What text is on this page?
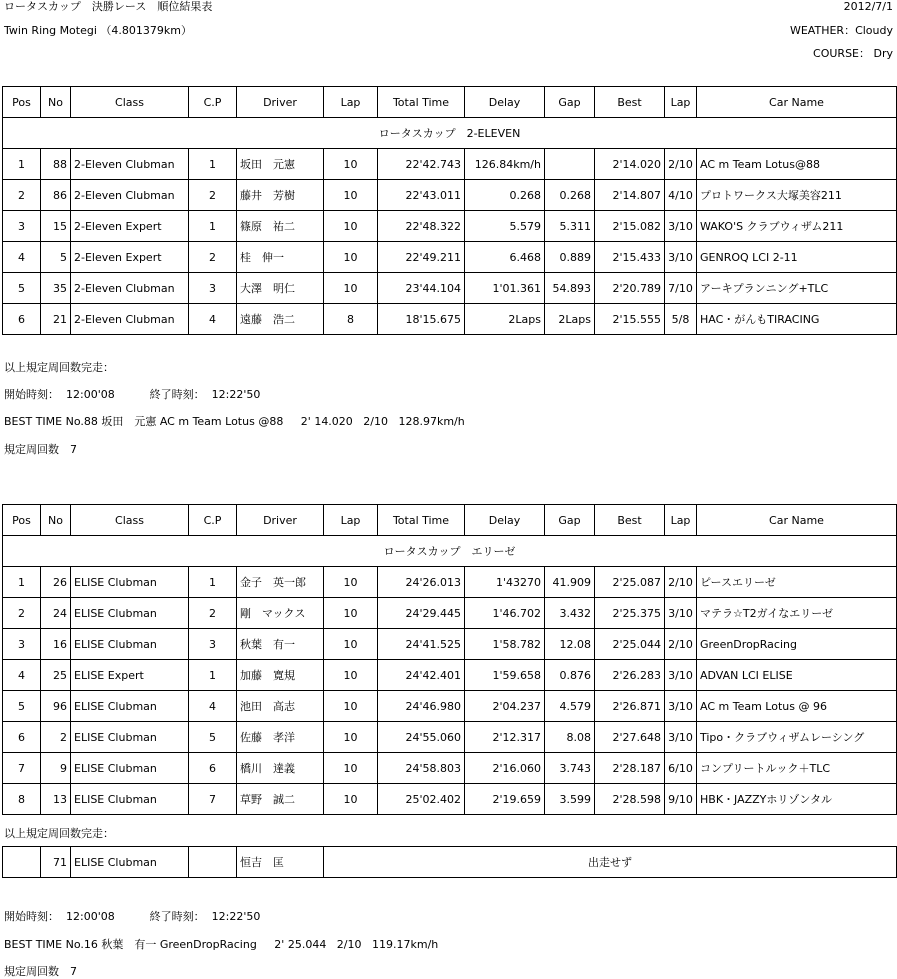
ロータスカップ　決勝レース　順位結果表	2012/7/1
Twin Ring Motegi （4.801379km）	WEATHER：Cloudy
COURSE： Dry
Pos	No	Class	C.P	Driver	Lap	Total Time	Delay	Gap	Best	Lap	Car Name
ロータスカップ　2-ELEVEN											
1	88	2-Eleven Clubman	1	坂田　元憲	10	22'42.743	126.84km/h		2'14.020	2/10	AC m Team Lotus@88
2	86	2-Eleven Clubman	2	藤井　芳樹	10	22'43.011	0.268	0.268	2'14.807	4/10	プロトワークス大塚美容211
3	15	2-Eleven Expert	1	篠原　祐二	10	22'48.322	5.579	5.311	2'15.082	3/10	WAKO'S クラブウィザム211
4	5	2-Eleven Expert	2	桂　伸一	10	22'49.211	6.468	0.889	2'15.433	3/10	GENROQ LCI 2-11
5	35	2-Eleven Clubman	3	大澤　明仁	10	23'44.104	1'01.361	54.893	2'20.789	7/10	アーキプランニング+TLC
6	21	2-Eleven Clubman	4	遠藤　浩二	8	18'15.675	2Laps	2Laps	2'15.555	5/8	HAC・がんもTIRACING
以上規定周回数完走：
開始時刻：  12:00'08          終了時刻：  12:22'50
BEST TIME No.88 坂田　元憲 AC m Team Lotus @88     2' 14.020   2/10   128.97km/h
規定周回数　7
Pos	No	Class	C.P	Driver	Lap	Total Time	Delay	Gap	Best	Lap	Car Name
ロータスカップ　エリーゼ											
1	26	ELISE Clubman	1	金子　英一郎	10	24'26.013	1'43270	41.909	2'25.087	2/10	ピースエリーゼ
2	24	ELISE Clubman	2	剛　マックス	10	24'29.445	1'46.702	3.432	2'25.375	3/10	マテラ☆T2ガイなエリーゼ
3	16	ELISE Clubman	3	秋葉　有一	10	24'41.525	1'58.782	12.08	2'25.044	2/10	GreenDropRacing
4	25	ELISE Expert	1	加藤　寛規	10	24'42.401	1'59.658	0.876	2'26.283	3/10	ADVAN LCI ELISE
5	96	ELISE Clubman	4	池田　高志	10	24'46.980	2'04.237	4.579	2'26.871	3/10	AC m Team Lotus @ 96
6	2	ELISE Clubman	5	佐藤　孝洋	10	24'55.060	2'12.317	8.08	2'27.648	3/10	Tipo・クラブウィザムレーシング
7	9	ELISE Clubman	6	橋川　達義	10	24'58.803	2'16.060	3.743	2'28.187	6/10	コンプリートルック＋TLC
8	13	ELISE Clubman	7	草野　誠二	10	25'02.402	2'19.659	3.599	2'28.598	9/10	HBK・JAZZYホリゾンタル
以上規定周回数完走：
	71	ELISE Clubman		恒吉　匡	出走せず
開始時刻：  12:00'08          終了時刻：  12:22'50
BEST TIME No.16 秋葉　有一 GreenDropRacing     2' 25.044   2/10   119.17km/h
規定周回数　7
